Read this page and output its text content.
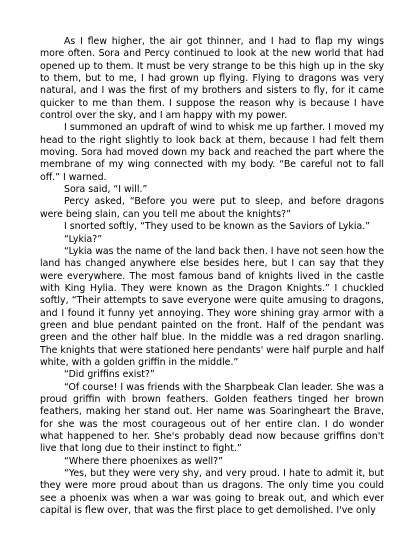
As I flew higher, the air got thinner, and I had to flap my wings more often. Sora and Percy continued to look at the new world that had opened up to them. It must be very strange to be this high up in the sky to them, but to me, I had grown up flying. Flying to dragons was very natural, and I was the first of my brothers and sisters to fly, for it came quicker to me than them. I suppose the reason why is because I have control over the sky, and I am happy with my power.

I summoned an updraft of wind to whisk me up farther. I moved my head to the right slightly to look back at them, because I had felt them moving. Sora had moved down my back and reached the part where the membrane of my wing connected with my body. “Be careful not to fall off.” I warned.

Sora said, “I will.”

Percy asked, “Before you were put to sleep, and before dragons were being slain, can you tell me about the knights?”

I snorted softly, “They used to be known as the Saviors of Lykia.”

“Lykia?”

“Lykia was the name of the land back then. I have not seen how the land has changed anywhere else besides here, but I can say that they were everywhere. The most famous band of knights lived in the castle with King Hylia. They were known as the Dragon Knights.” I chuckled softly, “Their attempts to save everyone were quite amusing to dragons, and I found it funny yet annoying. They wore shining gray armor with a green and blue pendant painted on the front. Half of the pendant was green and the other half blue. In the middle was a red dragon snarling. The knights that were stationed here pendants' were half purple and half white, with a golden griffin in the middle.”

“Did griffins exist?”

“Of course! I was friends with the Sharpbeak Clan leader. She was a proud griffin with brown feathers. Golden feathers tinged her brown feathers, making her stand out. Her name was Soaringheart the Brave, for she was the most courageous out of her entire clan. I do wonder what happened to her. She's probably dead now because griffins don't live that long due to their instinct to fight.”

“Where there phoenixes as well?”

“Yes, but they were very shy, and very proud. I hate to admit it, but they were more proud about than us dragons. The only time you could see a phoenix was when a war was going to break out, and which ever capital is flew over, that was the first place to get demolished. I've only
